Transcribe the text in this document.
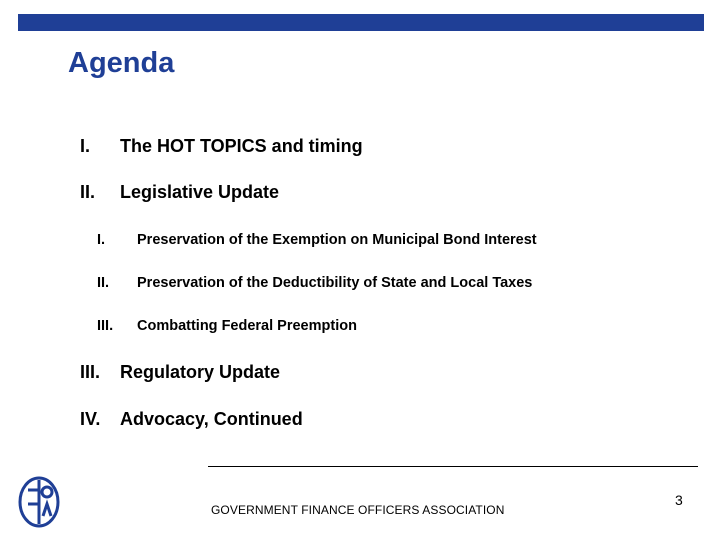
Agenda
I.	The HOT TOPICS and timing
II.	Legislative Update
I.	Preservation of the Exemption on Municipal Bond Interest
II.	Preservation of the Deductibility of State and Local Taxes
III.	Combatting Federal Preemption
III.	Regulatory Update
IV.	Advocacy, Continued
GOVERNMENT FINANCE OFFICERS ASSOCIATION
3
